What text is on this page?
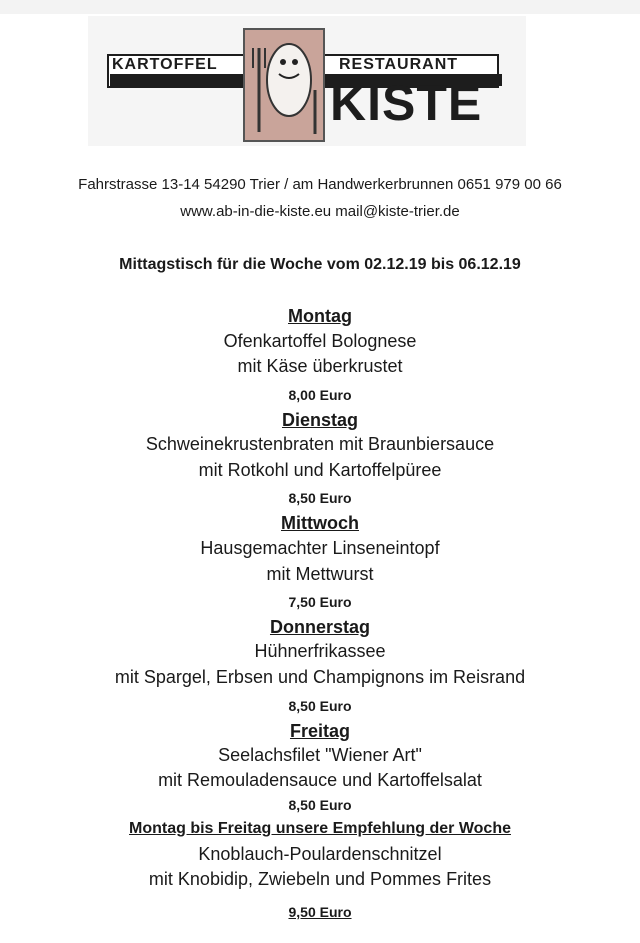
KARTOFFEL	RESTAURANT
KISTE
Fahrstrasse 13-14 54290 Trier / am Handwerkerbrunnen 0651 979 00 66
www.ab-in-die-kiste.eu mail@kiste-trier.de
Mittagstisch für die Woche vom 02.12.19 bis 06.12.19
Montag
Ofenkartoffel Bolognese
mit Käse überkrustet
8,00 Euro
Dienstag
Schweinekrustenbraten mit Braunbiersauce
mit Rotkohl und Kartoffelpüree
8,50 Euro
Mittwoch
Hausgemachter Linseneintopf
mit Mettwurst
7,50 Euro
Donnerstag
Hühnerfrikassee
mit Spargel, Erbsen und Champignons im Reisrand
8,50 Euro
Freitag
Seelachsfilet "Wiener Art"
mit Remouladensauce und Kartoffelsalat
8,50 Euro
Montag bis Freitag unsere Empfehlung der Woche
Knoblauch-Poulardenschnitzel
mit Knobidip, Zwiebeln und Pommes Frites
9,50 Euro
